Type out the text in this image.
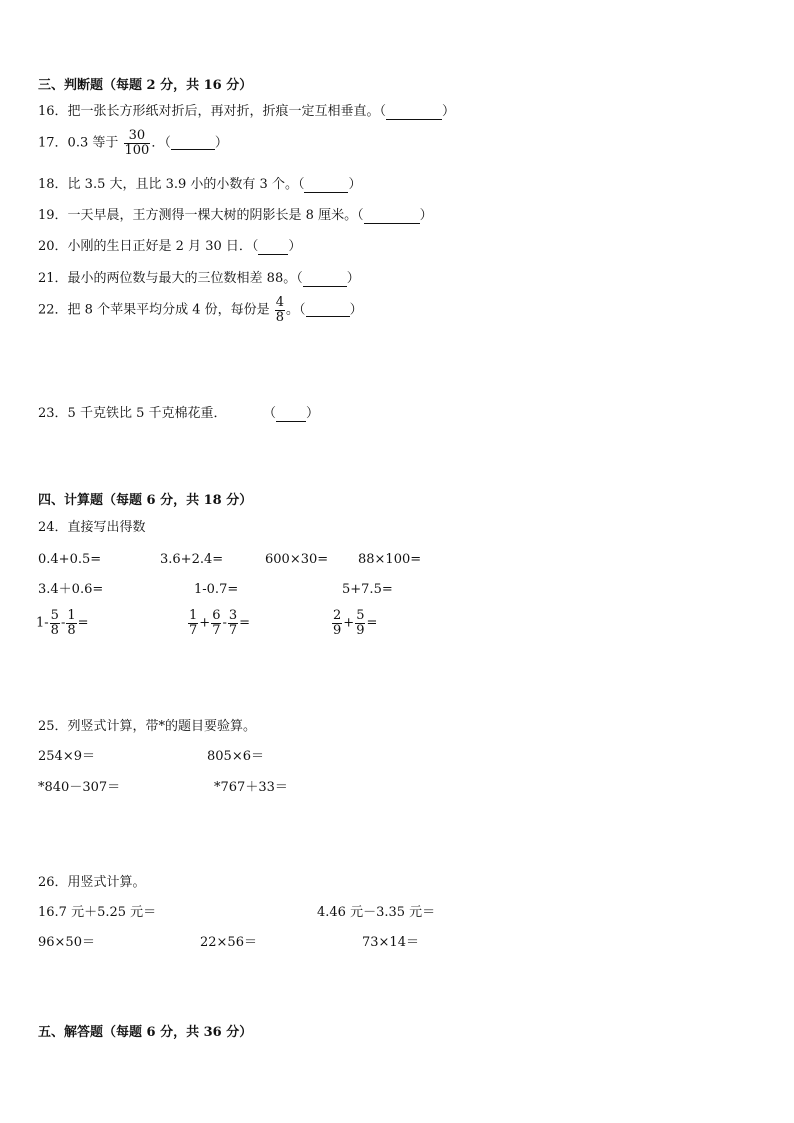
三、判断题（每题 2 分，共 16 分）
16．把一张长方形纸对折后，再对折，折痕一定互相垂直。（	）
17．0.3 等于 $\frac{30}{100}$ ．（	）
18．比 3.5 大，且比 3.9 小的小数有 3 个。（	）
19．一天早晨，王方测得一棵大树的阴影长是 8 厘米。（	）
20．小刚的生日正好是 2 月 30 日．（ ）
21．最小的两位数与最大的三位数相差 88。（	）
22．把 8 个苹果平均分成 4 份，每份是 $\frac{4}{8}$ 。（	）
23．5 千克铁比 5 千克棉花重．	（ ）
四、计算题（每题 6 分，共 18 分）
24．直接写出得数
0.4+0.5=	3.6+2.4=	600×30= 88×100=
3.4＋0.6=	1-0.7=	5+7.5=
$1- \frac{5}{8} - \frac{1}{8}$ =	$\frac{1}{7} + \frac{6}{7} - \frac{3}{7}$ =	$\frac{2}{9} + \frac{5}{9}$ =
25．列竖式计算，带*的题目要验算。
254×9＝	805×6＝
*840－307＝	*767＋33＝
26．用竖式计算。
16.7 元＋5.25 元＝	4.46 元－3.35 元＝
96×50＝	22×56＝	73×14＝
五、解答题（每题 6 分，共 36 分）
